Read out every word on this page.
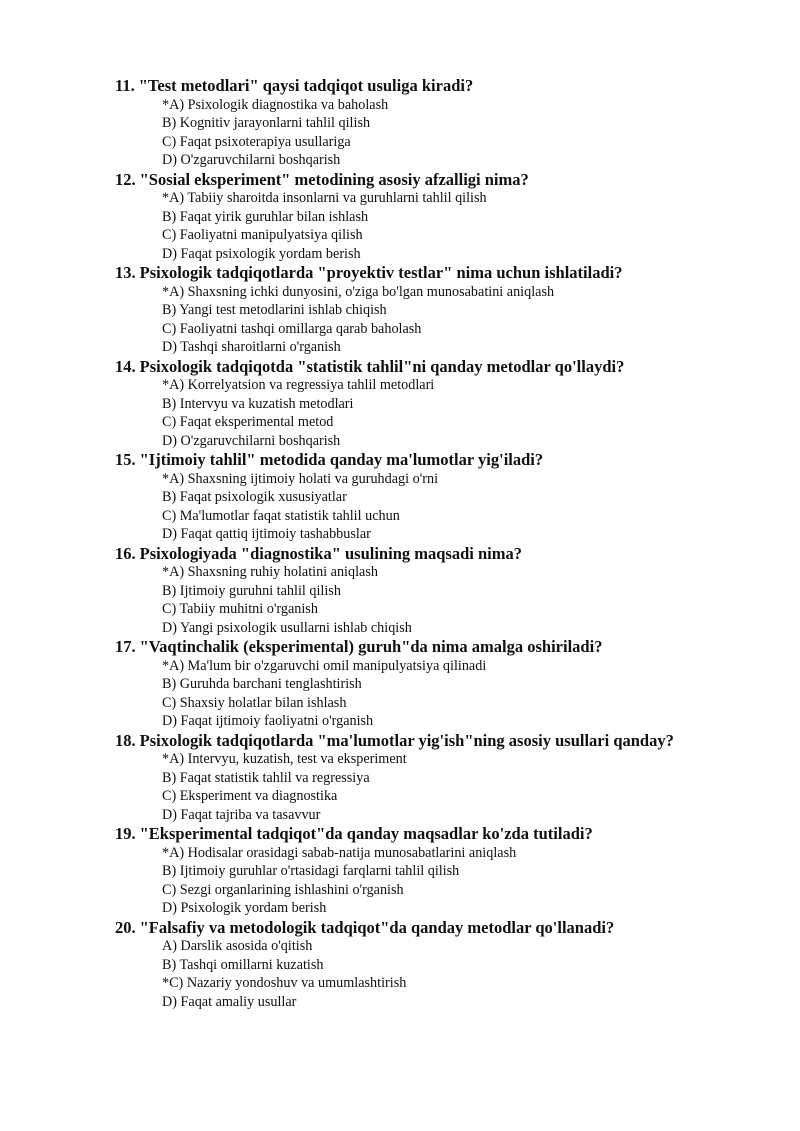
11. "Test metodlari" qaysi tadqiqot usuliga kiradi?
*A) Psixologik diagnostika va baholash
B) Kognitiv jarayonlarni tahlil qilish
C) Faqat psixoterapiya usullariga
D) O'zgaruvchilarni boshqarish
12. "Sosial eksperiment" metodining asosiy afzalligi nima?
*A) Tabiiy sharoitda insonlarni va guruhlarni tahlil qilish
B) Faqat yirik guruhlar bilan ishlash
C) Faoliyatni manipulyatsiya qilish
D) Faqat psixologik yordam berish
13. Psixologik tadqiqotlarda "proyektiv testlar" nima uchun ishlatiladi?
*A) Shaxsning ichki dunyosini, o'ziga bo'lgan munosabatini aniqlash
B) Yangi test metodlarini ishlab chiqish
C) Faoliyatni tashqi omillarga qarab baholash
D) Tashqi sharoitlarni o'rganish
14. Psixologik tadqiqotda "statistik tahlil"ni qanday metodlar qo'llaydi?
*A) Korrelyatsion va regressiya tahlil metodlari
B) Intervyu va kuzatish metodlari
C) Faqat eksperimental metod
D) O'zgaruvchilarni boshqarish
15. "Ijtimoiy tahlil" metodida qanday ma'lumotlar yig'iladi?
*A) Shaxsning ijtimoiy holati va guruhdagi o'rni
B) Faqat psixologik xususiyatlar
C) Ma'lumotlar faqat statistik tahlil uchun
D) Faqat qattiq ijtimoiy tashabbuslar
16. Psixologiyada "diagnostika" usulining maqsadi nima?
*A) Shaxsning ruhiy holatini aniqlash
B) Ijtimoiy guruhni tahlil qilish
C) Tabiiy muhitni o'rganish
D) Yangi psixologik usullarni ishlab chiqish
17. "Vaqtinchalik (eksperimental) guruh"da nima amalga oshiriladi?
*A) Ma'lum bir o'zgaruvchi omil manipulyatsiya qilinadi
B) Guruhda barchani tenglashtirish
C) Shaxsiy holatlar bilan ishlash
D) Faqat ijtimoiy faoliyatni o'rganish
18. Psixologik tadqiqotlarda "ma'lumotlar yig'ish"ning asosiy usullari qanday?
*A) Intervyu, kuzatish, test va eksperiment
B) Faqat statistik tahlil va regressiya
C) Eksperiment va diagnostika
D) Faqat tajriba va tasavvur
19. "Eksperimental tadqiqot"da qanday maqsadlar ko'zda tutiladi?
*A) Hodisalar orasidagi sabab-natija munosabatlarini aniqlash
B) Ijtimoiy guruhlar o'rtasidagi farqlarni tahlil qilish
C) Sezgi organlarining ishlashini o'rganish
D) Psixologik yordam berish
20. "Falsafiy va metodologik tadqiqot"da qanday metodlar qo'llanadi?
A) Darslik asosida o'qitish
B) Tashqi omillarni kuzatish
*C) Nazariy yondoshuv va umumlashtirish
D) Faqat amaliy usullar
